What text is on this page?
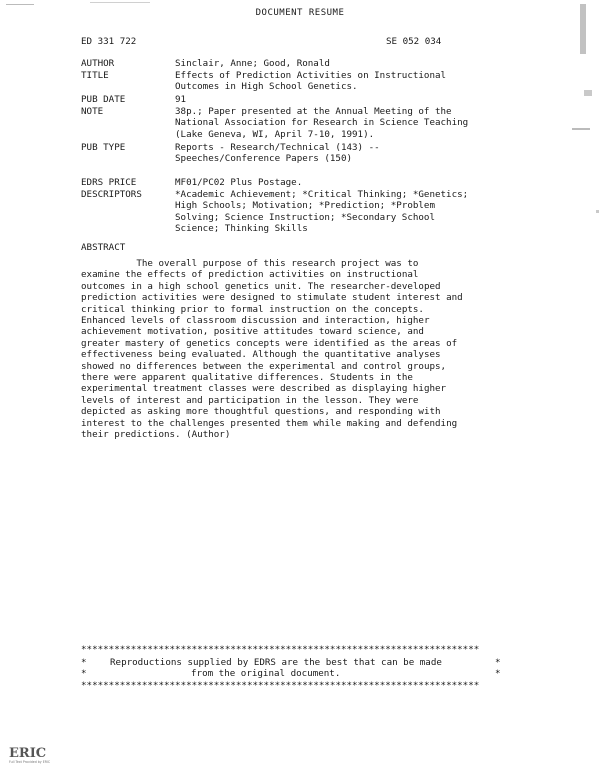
DOCUMENT RESUME
ED 331 722	SE 052 034
AUTHOR	Sinclair, Anne; Good, Ronald
TITLE	Effects of Prediction Activities on Instructional
Outcomes in High School Genetics.
PUB DATE	91
NOTE	38p.; Paper presented at the Annual Meeting of the
National Association for Research in Science Teaching
(Lake Geneva, WI, April 7-10, 1991).
PUB TYPE	Reports - Research/Technical (143) --
Speeches/Conference Papers (150)
EDRS PRICE	MF01/PC02 Plus Postage.
DESCRIPTORS	*Academic Achievement; *Critical Thinking; *Genetics;
High Schools; Motivation; *Prediction; *Problem
Solving; Science Instruction; *Secondary School
Science; Thinking Skills
ABSTRACT
The overall purpose of this research project was to
examine the effects of prediction activities on instructional
outcomes in a high school genetics unit. The researcher-developed
prediction activities were designed to stimulate student interest and
critical thinking prior to formal instruction on the concepts.
Enhanced levels of classroom discussion and interaction, higher
achievement motivation, positive attitudes toward science, and
greater mastery of genetics concepts were identified as the areas of
effectiveness being evaluated. Although the quantitative analyses
showed no differences between the experimental and control groups,
there were apparent qualitative differences. Students in the
experimental treatment classes were described as displaying higher
levels of interest and participation in the lesson. They were
depicted as asking more thoughtful questions, and responding with
interest to the challenges presented them while making and defending
their predictions. (Author)
************************************************************************
*
*
*
*
Reproductions supplied by EDRS are the best that can be made
from the original document.
************************************************************************
ERIC
Full Text Provided by ERIC
